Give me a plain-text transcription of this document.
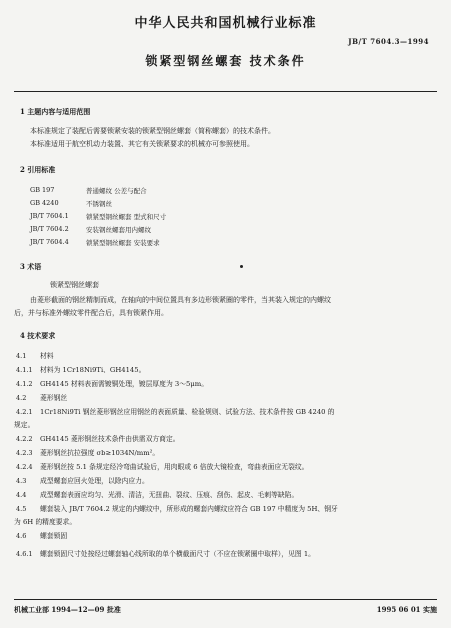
中华人民共和国机械行业标准
JB/T 7604.3—1994
锁紧型钢丝螺套 技术条件
1 主题内容与适用范围
本标准规定了装配后需要锁紧安装的锁紧型钢丝螺套（简称螺套）的技术条件。
本标准适用于航空机动力装置、其它有关锁紧要求的机械亦可参照使用。
2 引用标准
GB 197	普通螺纹 公差与配合
GB 4240	不锈钢丝
JB/T 7604.1	锁紧型钢丝螺套 型式和尺寸
JB/T 7604.2	安装钢丝螺套用内螺纹
JB/T 7604.4	锁紧型钢丝螺套 安装要求
3 术语
锁紧型钢丝螺套
由菱形截面的钢丝精制而成，在轴向的中间位置具有多边形锁紧圈的零件，当其装入规定的内螺纹
后，并与标准外螺纹零件配合后，具有锁紧作用。
4 技术要求
4.1 材料
4.1.1 材料为 1Cr18Ni9Ti、GH4145。
4.1.2 GH4145 材料表面需镀铜处理，镀层厚度为 3～5μm。
4.2 菱形钢丝
4.2.1 1Cr18Ni9Ti 钢丝菱形钢丝应用钢丝的表面质量、检验规则、试验方法、技术条件按 GB 4240 的
规定。
4.2.2 GH4145 菱形钢丝技术条件由供需双方商定。
4.2.3 菱形钢丝抗拉强度 σb≥1034N/mm²。
4.2.4 菱形钢丝按 5.1 条规定经冷弯曲试验后，用肉眼或 6 倍放大镜检查，弯曲表面应无裂纹。
4.3 成型螺套应回火处理，以除内应力。
4.4 成型螺套表面应均匀、光滑、清洁，无扭曲、裂纹、压痕、刮伤、起皮、毛刺等缺陷。
4.5 螺套装入 JB/T 7604.2 规定的内螺纹中，所形成的螺套内螺纹应符合 GB 197 中精度为 5H、钢牙
为 6H 的精度要求。
4.6 螺套锁固
4.6.1 螺套锁固尺寸处按经过螺套轴心线所取的单个横截面尺寸（不应在锁紧圈中取样），见图 1。
机械工业部 1994—12—09 批准	1995 06 01 实施
